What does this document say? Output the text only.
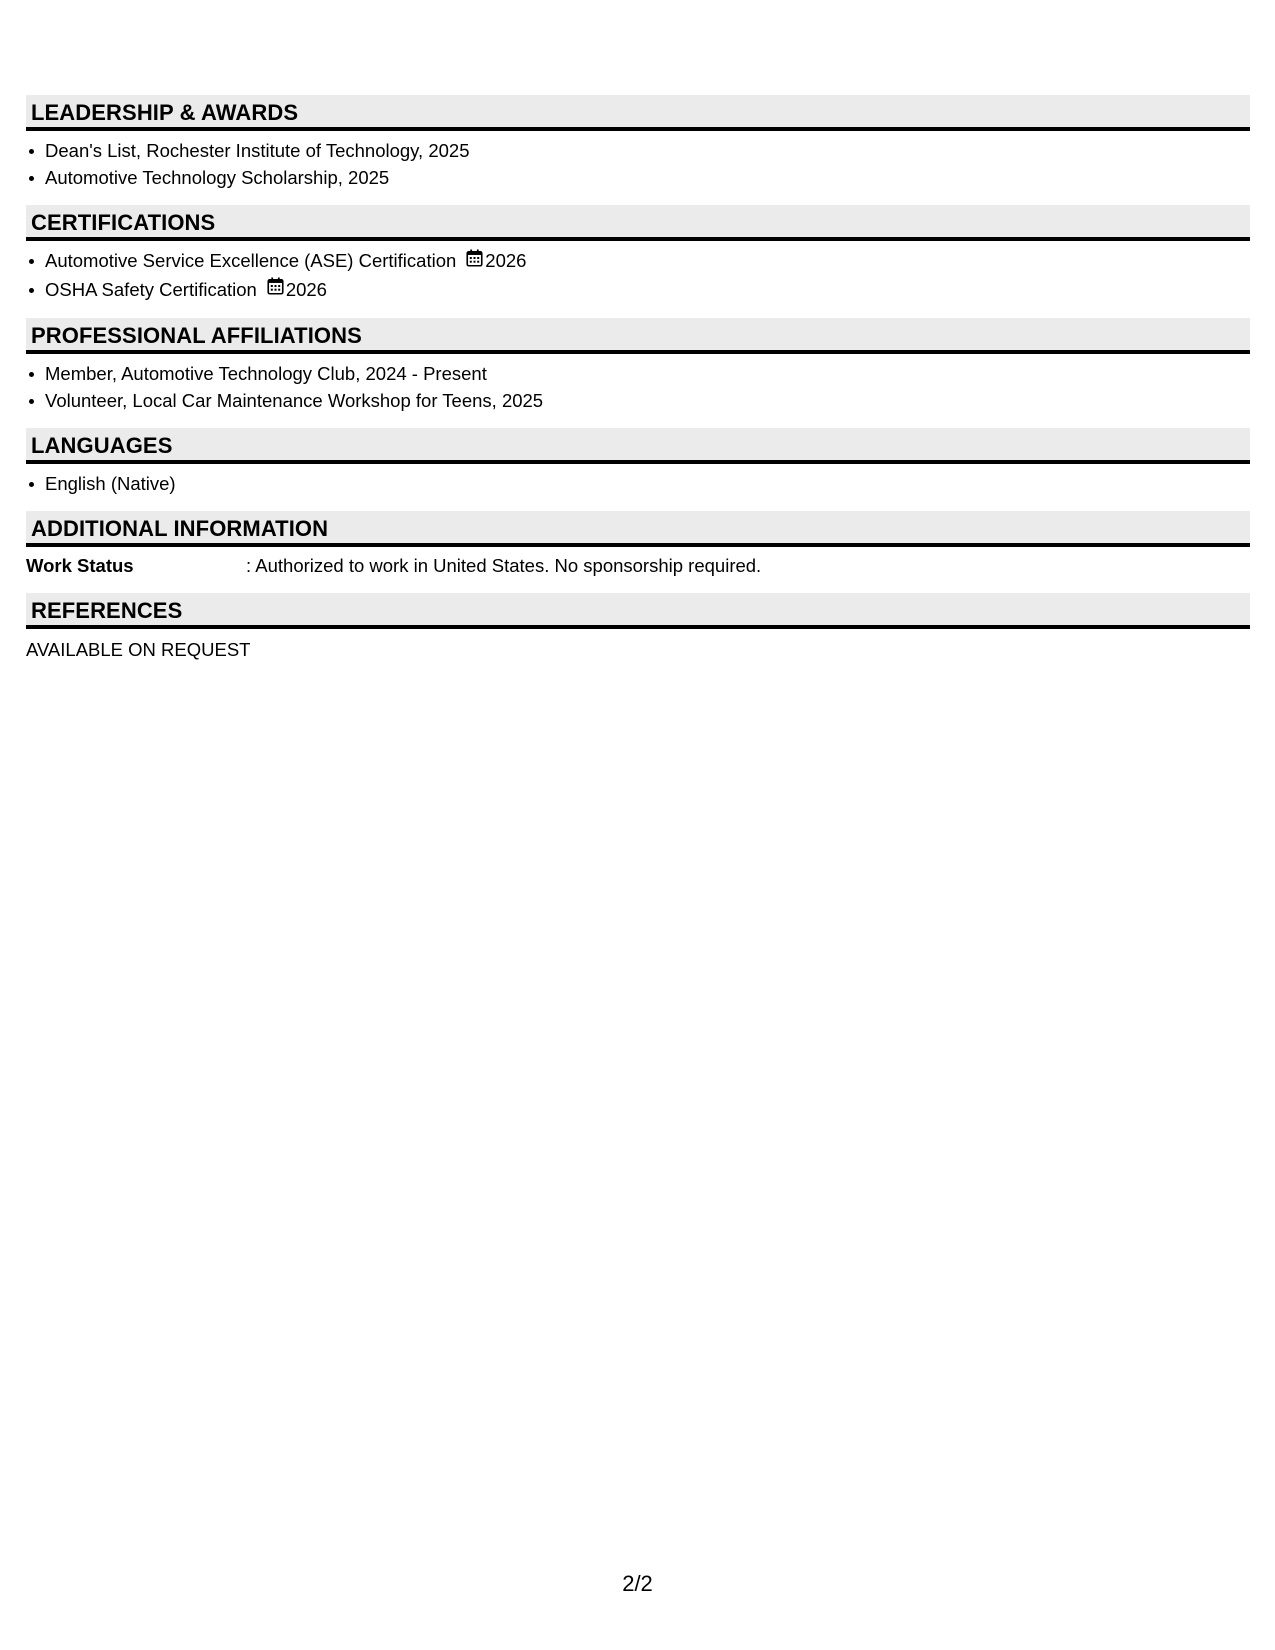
LEADERSHIP & AWARDS
Dean's List, Rochester Institute of Technology, 2025
Automotive Technology Scholarship, 2025
CERTIFICATIONS
Automotive Service Excellence (ASE) Certification 2026
OSHA Safety Certification 2026
PROFESSIONAL AFFILIATIONS
Member, Automotive Technology Club, 2024 - Present
Volunteer, Local Car Maintenance Workshop for Teens, 2025
LANGUAGES
English (Native)
ADDITIONAL INFORMATION
Work Status	: Authorized to work in United States. No sponsorship required.
REFERENCES
AVAILABLE ON REQUEST
2/2
